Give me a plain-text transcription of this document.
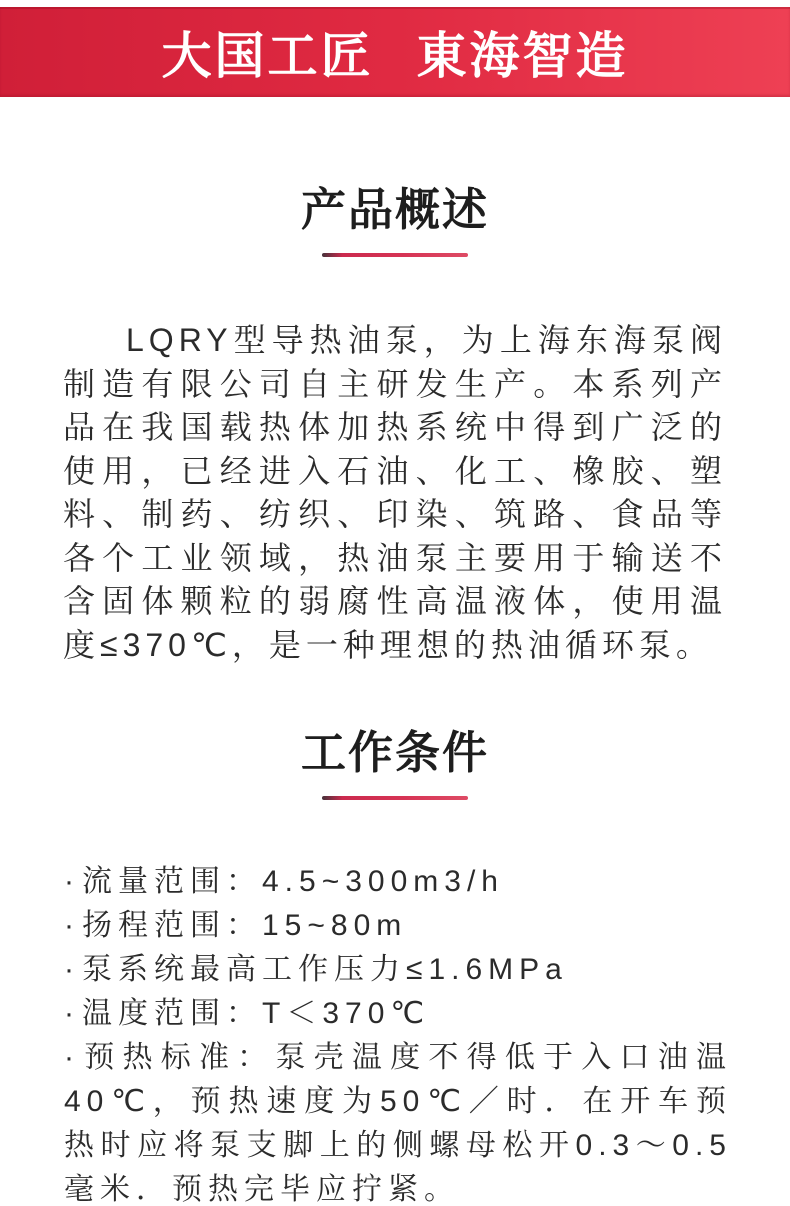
大国工匠 東海智造
产品概述

LQRY型导热油泵，为上海东海泵阀制造有限公司自主研发生产。本系列产品在我国载热体加热系统中得到广泛的使用，已经进入石油、化工、橡胶、塑料、制药、纺织、印染、筑路、食品等各个工业领域，热油泵主要用于输送不含固体颗粒的弱腐性高温液体，使用温度≤370℃，是一种理想的热油循环泵。

工作条件
· 流量范围：4.5~300m3/h
· 扬程范围：15~80m
· 泵系统最高工作压力≤1.6MPa
· 温度范围：T＜370℃
· 预热标准：泵壳温度不得低于入口油温40℃，预热速度为50℃／时．在开车预热时应将泵支脚上的侧螺母松开0.3～0.5毫米．预热完毕应拧紧。
